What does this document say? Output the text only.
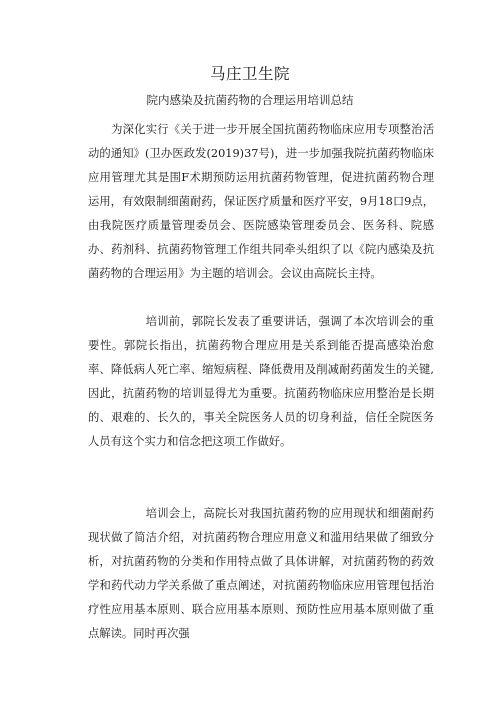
马庄卫生院
院内感染及抗菌药物的合理运用培训总结

　　为深化实行《关于进一步开展全国抗菌药物临床应用专项整治活动的通知》(卫办医政发(2019)37号)，进一步加强我院抗菌药物临床应用管理尤其是围F术期预防运用抗菌药物管理，促进抗菌药物合理运用，有效限制细菌耐药，保证医疗质量和医疗平安，9月18口9点，由我院医疗质量管理委员会、医院感染管理委员会、医务科、院感办、药剂科、抗菌药物管理工作组共同牵头组织了以《院内感染及抗菌药物的合理运用》为主题的培训会。会议由高院长主持。

　　　　　培训前，郭院长发表了重要讲话，强调了本次培训会的重要性。郭院长指出，抗菌药物合理应用是关系到能否提高感染治愈率、降低病人死亡率、缩短病程、降低费用及削减耐药菌发生的关键,因此，抗菌药物的培训显得尤为重要。抗菌药物临床应用整治是长期的、艰难的、长久的，事关全院医务人员的切身利益，信任全院医务人员有这个实力和信念把这项工作做好。

　　　　　培训会上，高院长对我国抗菌药物的应用现状和细菌耐药现状做了简洁介绍，对抗菌药物合理应用意义和滥用结果做了细致分析，对抗菌药物的分类和作用特点做了具体讲解，对抗菌药物的药效学和药代动力学关系做了重点阐述，对抗菌药物临床应用管理包括治疗性应用基本原则、联合应用基本原则、预防性应用基本原则做了重点解读。同时再次强
